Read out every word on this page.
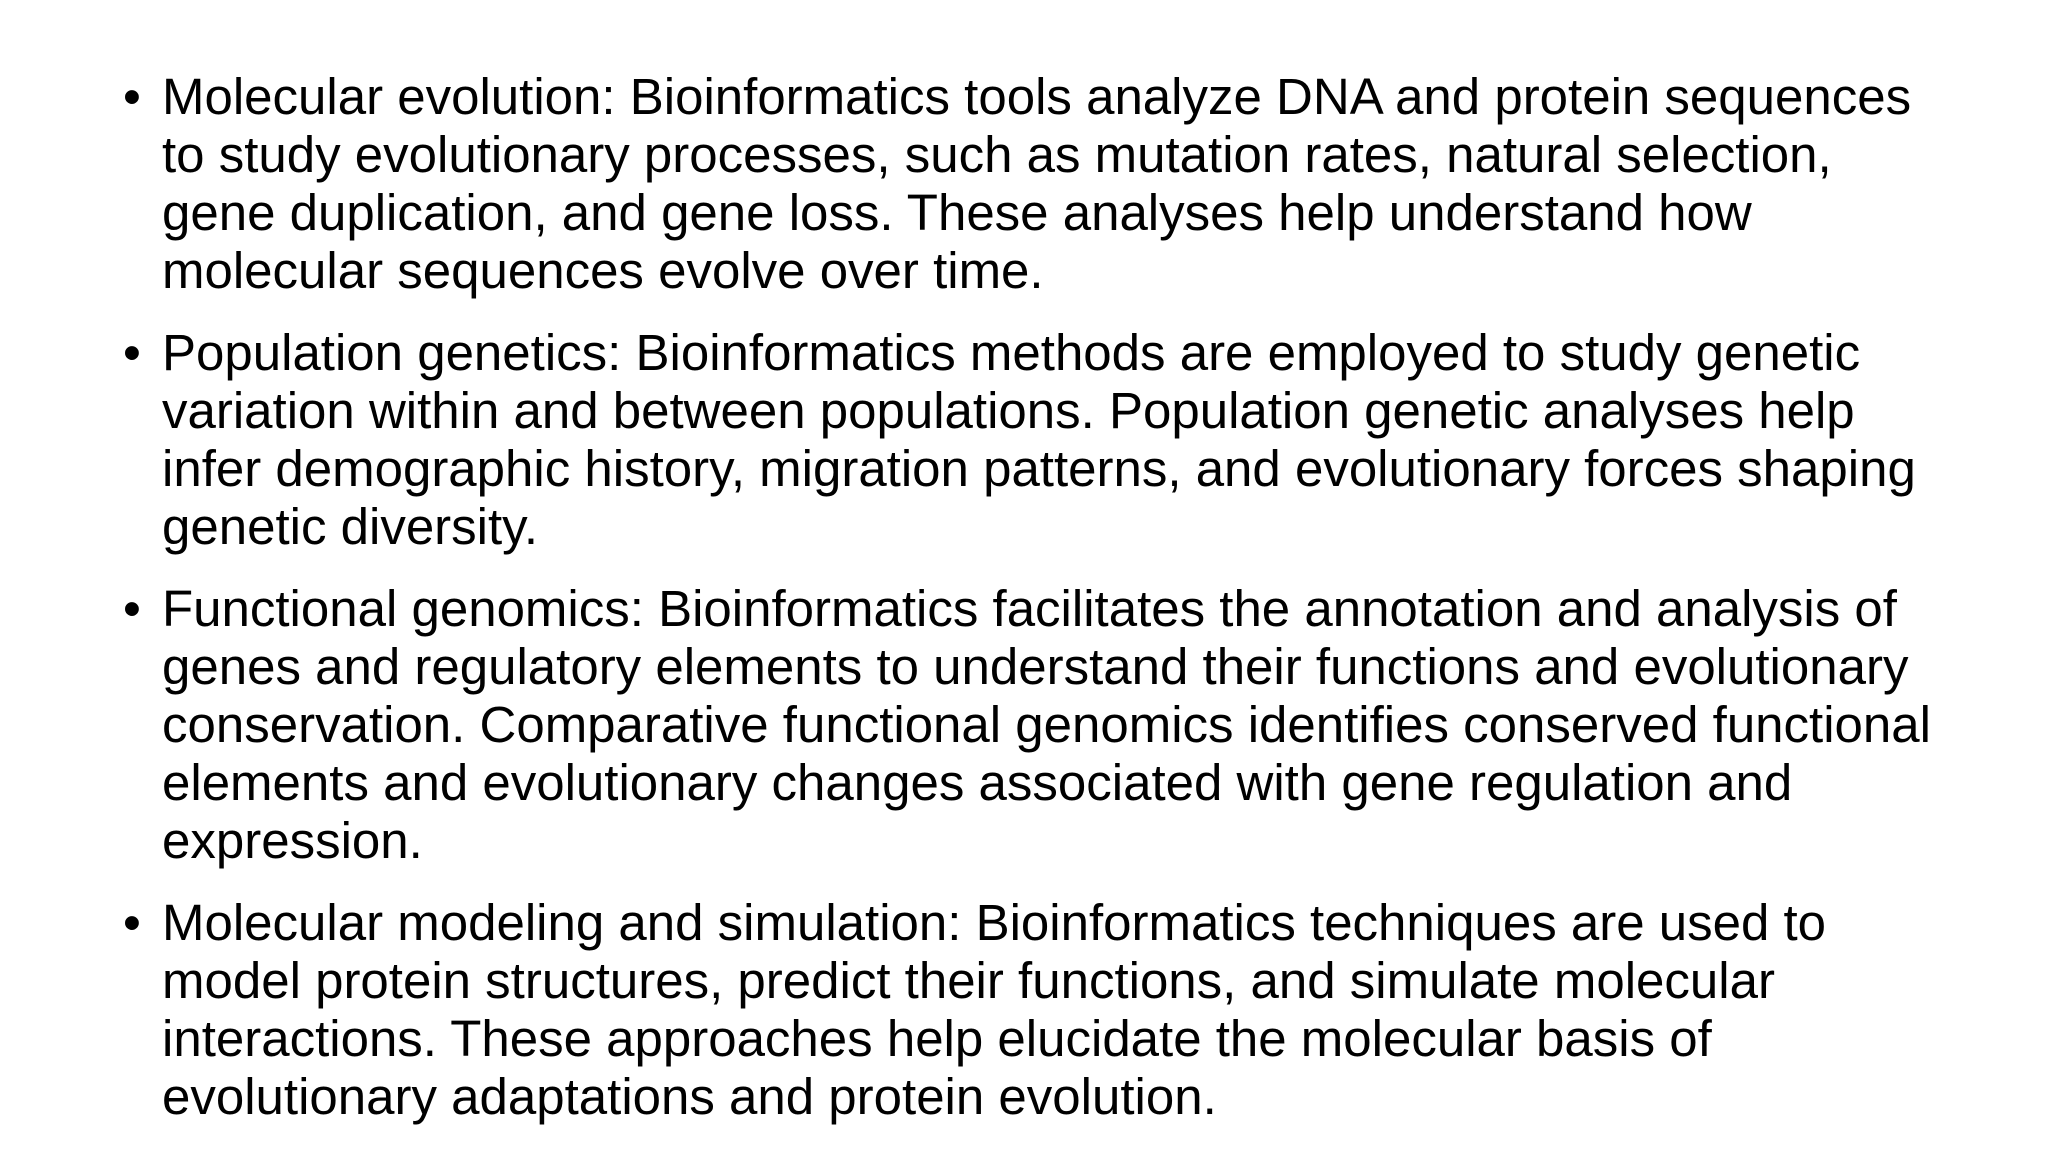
• Molecular evolution: Bioinformatics tools analyze DNA and protein sequences to study evolutionary processes, such as mutation rates, natural selection, gene duplication, and gene loss. These analyses help understand how molecular sequences evolve over time.
• Population genetics: Bioinformatics methods are employed to study genetic variation within and between populations. Population genetic analyses help infer demographic history, migration patterns, and evolutionary forces shaping genetic diversity.
• Functional genomics: Bioinformatics facilitates the annotation and analysis of genes and regulatory elements to understand their functions and evolutionary conservation. Comparative functional genomics identifies conserved functional elements and evolutionary changes associated with gene regulation and expression.
• Molecular modeling and simulation: Bioinformatics techniques are used to model protein structures, predict their functions, and simulate molecular interactions. These approaches help elucidate the molecular basis of evolutionary adaptations and protein evolution.
